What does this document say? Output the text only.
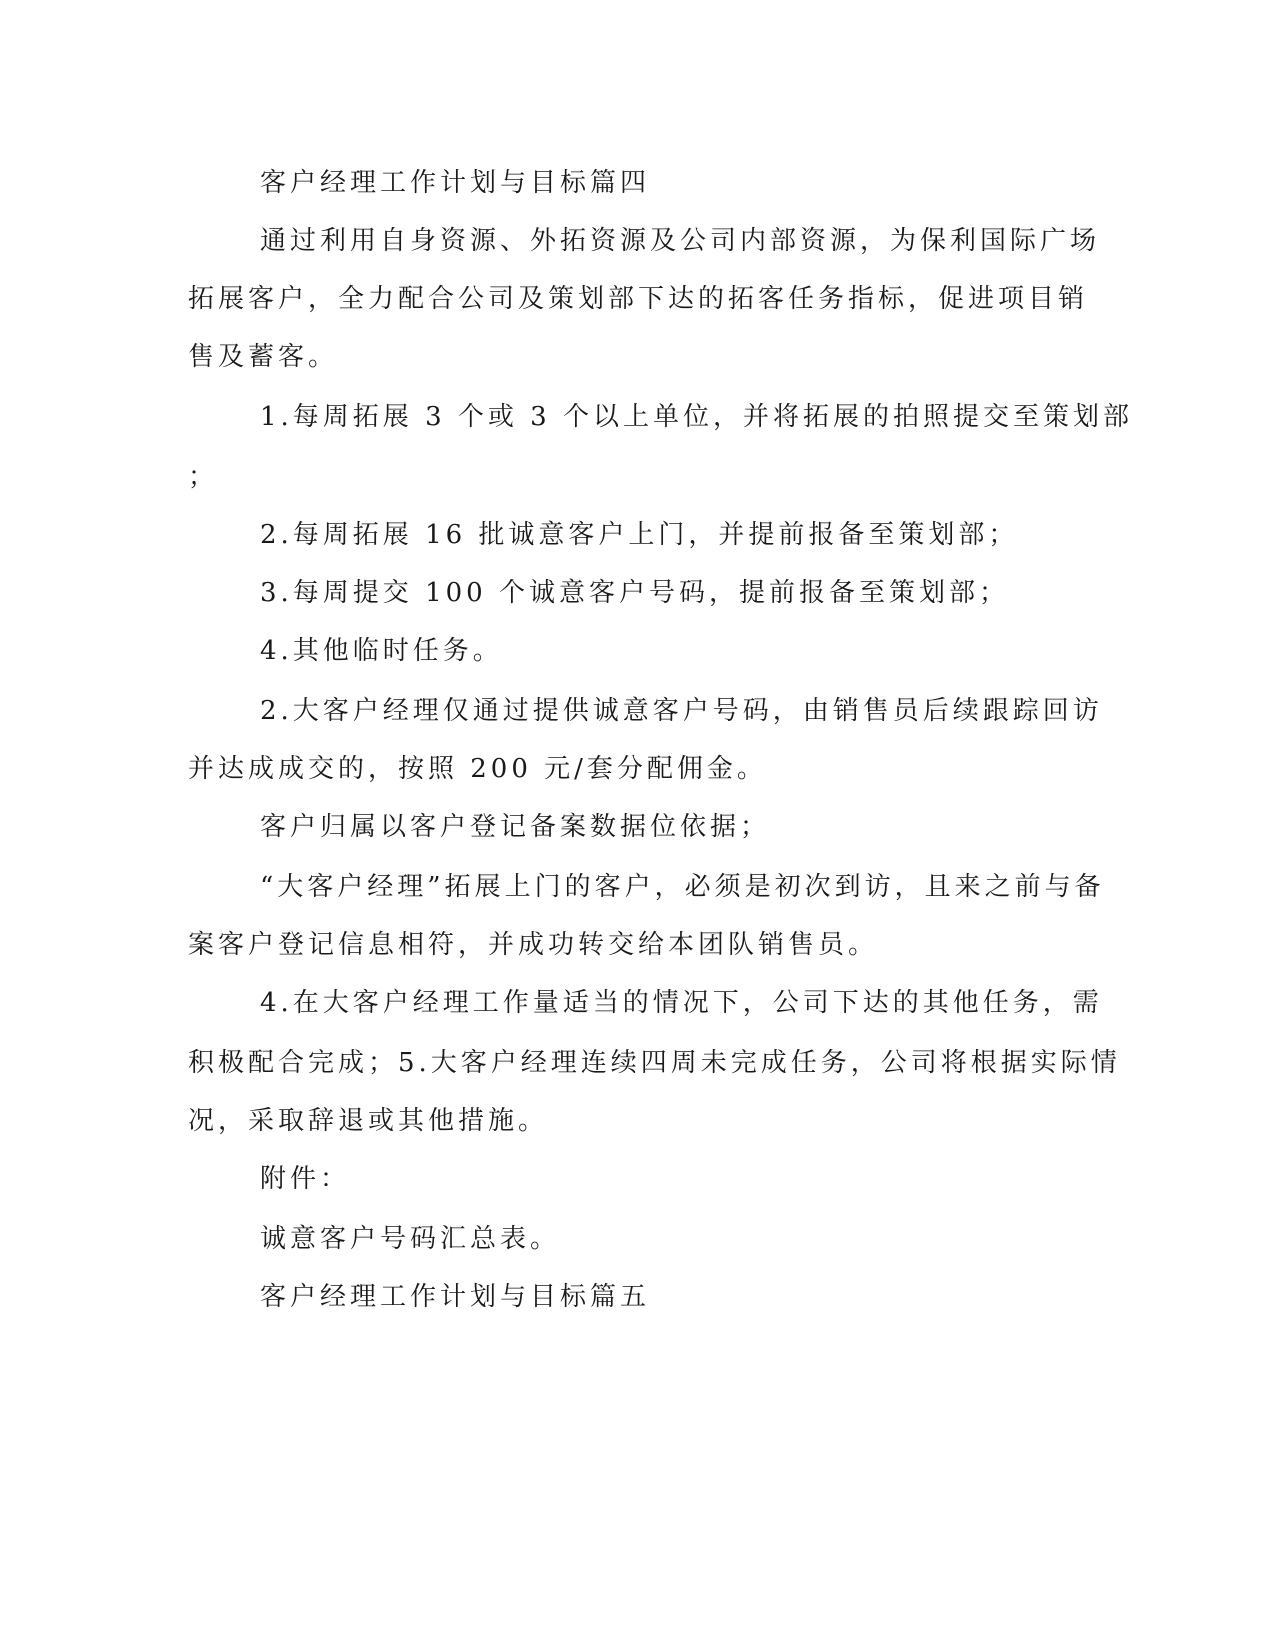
客户经理工作计划与目标篇四
通过利用自身资源、外拓资源及公司内部资源，为保利国际广场
拓展客户，全力配合公司及策划部下达的拓客任务指标，促进项目销
售及蓄客。
1.每周拓展 3 个或 3 个以上单位，并将拓展的拍照提交至策划部
；
2.每周拓展 16 批诚意客户上门，并提前报备至策划部；
3.每周提交 100 个诚意客户号码，提前报备至策划部；
4.其他临时任务。
2.大客户经理仅通过提供诚意客户号码，由销售员后续跟踪回访
并达成成交的，按照 200 元/套分配佣金。
客户归属以客户登记备案数据位依据；
“大客户经理”拓展上门的客户，必须是初次到访，且来之前与备
案客户登记信息相符，并成功转交给本团队销售员。
4.在大客户经理工作量适当的情况下，公司下达的其他任务，需
积极配合完成；5.大客户经理连续四周未完成任务，公司将根据实际情
况，采取辞退或其他措施。
附件：
诚意客户号码汇总表。
客户经理工作计划与目标篇五
